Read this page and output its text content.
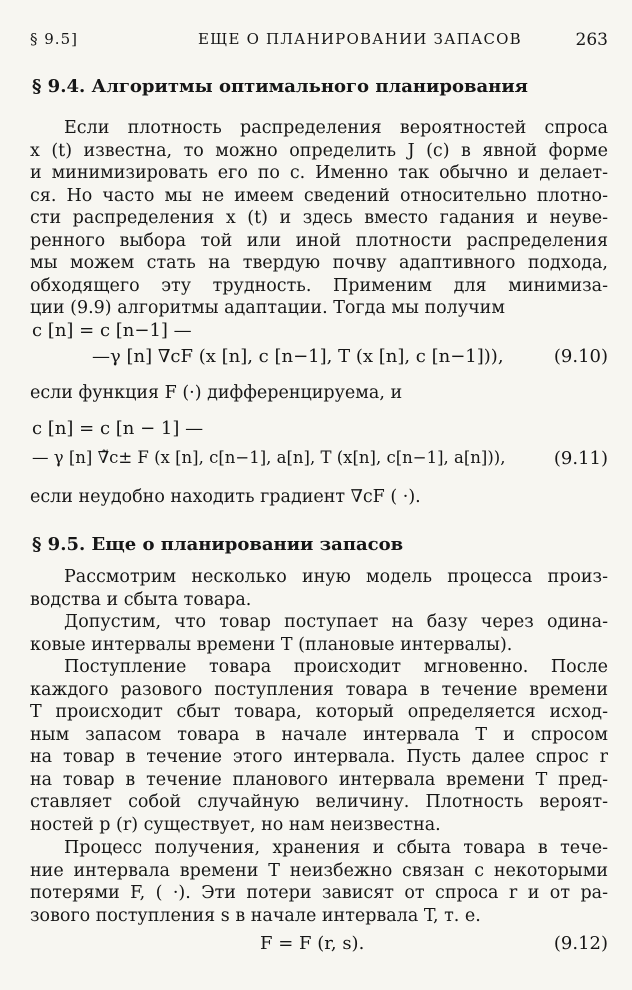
§ 9.5]	ЕЩЕ О ПЛАНИРОВАНИИ ЗАПАСОВ	263
§ 9.4. Алгоритмы оптимального планирования
Если плотность распределения вероятностей спроса
x (t) известна, то можно определить J (c) в явной форме
и минимизировать его по c. Именно так обычно и делает-
ся. Но часто мы не имеем сведений относительно плотно-
сти распределения x (t) и здесь вместо гадания и неуве-
ренного выбора той или иной плотности распределения
мы можем стать на твердую почву адаптивного подхода,
обходящего эту трудность. Применим для минимиза-
ции (9.9) алгоритмы адаптации. Тогда мы получим
c [n] = c [n−1] —
—γ [n] ∇cF (x [n], c [n−1], T (x [n], c [n−1])),	(9.10)
если функция F (·) дифференцируема, и
c [n] = c [n − 1] —
— γ [n] ∇̃c± F (x [n], c[n−1], a[n], T (x[n], c[n−1], a[n])),	(9.11)
если неудобно находить градиент ∇cF ( ·).
§ 9.5. Еще о планировании запасов
Рассмотрим несколько иную модель процесса произ-
водства и сбыта товара.
Допустим, что товар поступает на базу через одина-
ковые интервалы времени T (плановые интервалы).
Поступление товара происходит мгновенно. После
каждого разового поступления товара в течение времени
T происходит сбыт товара, который определяется исход-
ным запасом товара в начале интервала T и спросом
на товар в течение этого интервала. Пусть далее спрос r
на товар в течение планового интервала времени T пред-
ставляет собой случайную величину. Плотность вероят-
ностей p (r) существует, но нам неизвестна.
Процесс получения, хранения и сбыта товара в тече-
ние интервала времени T неизбежно связан с некоторыми
потерями F, ( ·). Эти потери зависят от спроса r и от ра-
зового поступления s в начале интервала T, т. е.
F = F (r, s).	(9.12)
